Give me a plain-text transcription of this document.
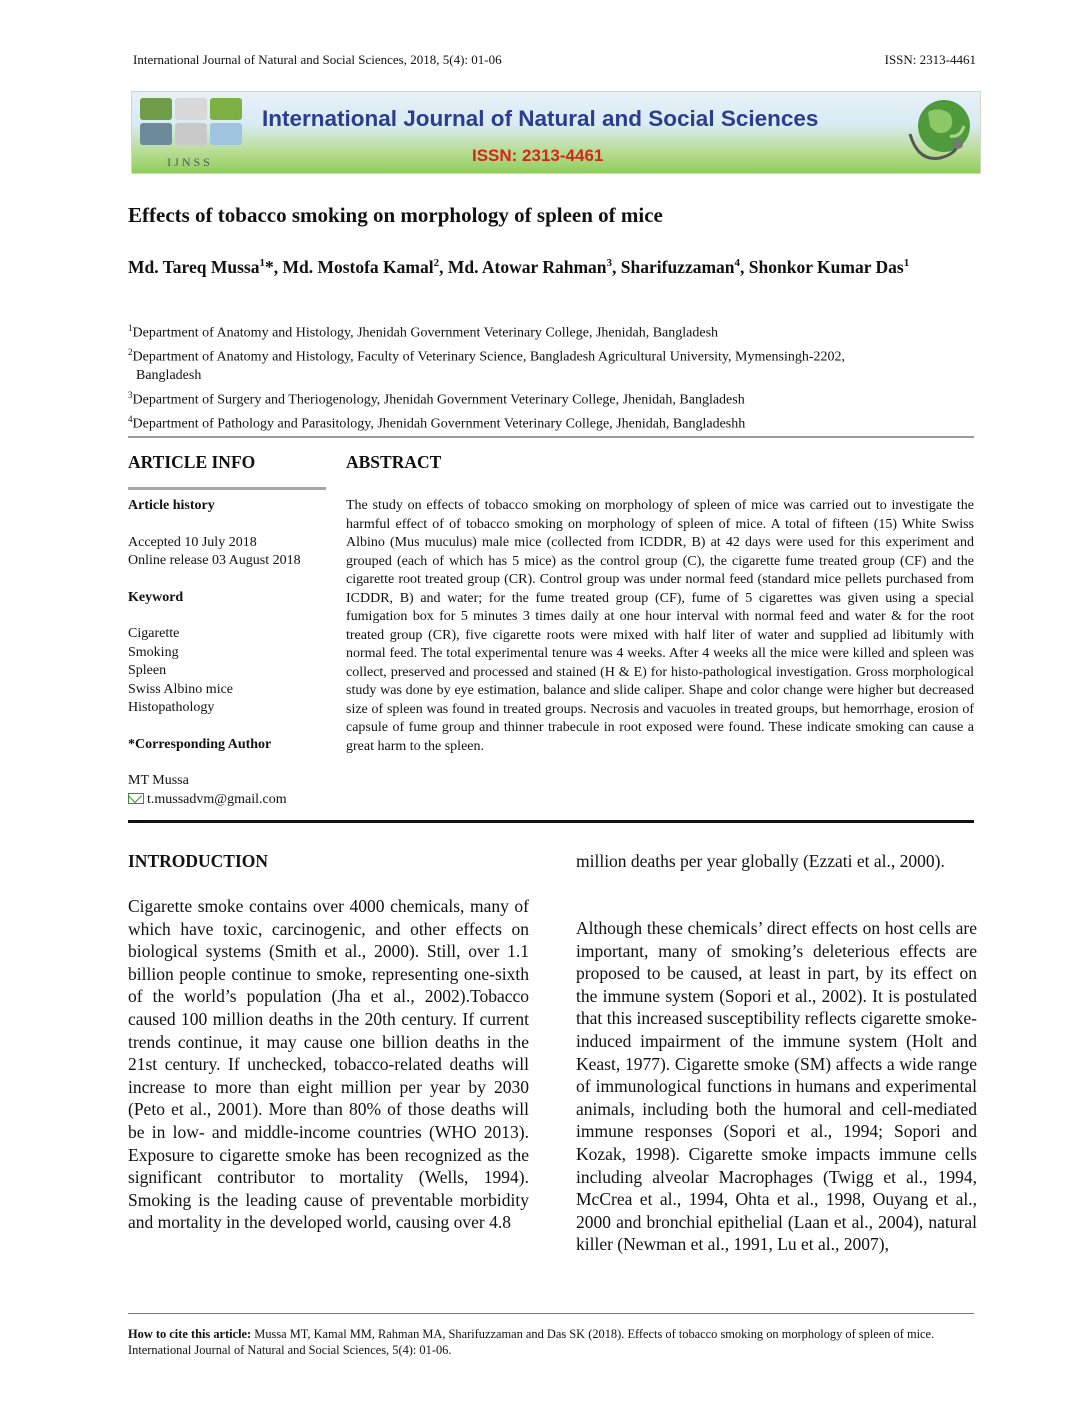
International Journal of Natural and Social Sciences, 2018, 5(4): 01-06	ISSN: 2313-4461
IJNSS
International Journal of Natural and Social Sciences
ISSN: 2313-4461
Effects of tobacco smoking on morphology of spleen of mice
Md. Tareq Mussa$^1$*, Md. Mostofa Kamal$^2$, Md. Atowar Rahman$^3$, Sharifuzzaman$^4$, Shonkor Kumar Das$^1$
$^1$Department of Anatomy and Histology, Jhenidah Government Veterinary College, Jhenidah, Bangladesh
$^2$Department of Anatomy and Histology, Faculty of Veterinary Science, Bangladesh Agricultural University, Mymensingh-2202,
Bangladesh
$^3$Department of Surgery and Theriogenology, Jhenidah Government Veterinary College, Jhenidah, Bangladesh
$^4$Department of Pathology and Parasitology, Jhenidah Government Veterinary College, Jhenidah, Bangladeshh
ARTICLE INFO	ABSTRACT
Article history
Accepted 10 July 2018
Online release 03 August 2018
Keyword
Cigarette
Smoking
Spleen
Swiss Albino mice
Histopathology
*Corresponding Author
MT Mussa
t.mussadvm@gmail.com
The study on effects of tobacco smoking on morphology of spleen of mice was carried out to investigate the harmful effect of of tobacco smoking on morphology of spleen of mice. A total of fifteen (15) White Swiss Albino (Mus muculus) male mice (collected from ICDDR, B) at 42 days were used for this experiment and grouped (each of which has 5 mice) as the control group (C), the cigarette fume treated group (CF) and the cigarette root treated group (CR). Control group was under normal feed (standard mice pellets purchased from ICDDR, B) and water; for the fume treated group (CF), fume of 5 cigarettes was given using a special fumigation box for 5 minutes 3 times daily at one hour interval with normal feed and water & for the root treated group (CR), five cigarette roots were mixed with half liter of water and supplied ad libitumly with normal feed. The total experimental tenure was 4 weeks. After 4 weeks all the mice were killed and spleen was collect, preserved and processed and stained (H & E) for histo-pathological investigation. Gross morphological study was done by eye estimation, balance and slide caliper. Shape and color change were higher but decreased size of spleen was found in treated groups. Necrosis and vacuoles in treated groups, but hemorrhage, erosion of capsule of fume group and thinner trabecule in root exposed were found. These indicate smoking can cause a great harm to the spleen.
INTRODUCTION
Cigarette smoke contains over 4000 chemicals, many of which have toxic, carcinogenic, and other effects on biological systems (Smith et al., 2000). Still, over 1.1 billion people continue to smoke, representing one-sixth of the world’s population (Jha et al., 2002).Tobacco caused 100 million deaths in the 20th century. If current trends continue, it may cause one billion deaths in the 21st century. If unchecked, tobacco-related deaths will increase to more than eight million per year by 2030 (Peto et al., 2001). More than 80% of those deaths will be in low- and middle-income countries (WHO 2013). Exposure to cigarette smoke has been recognized as the significant contributor to mortality (Wells, 1994). Smoking is the leading cause of preventable morbidity and mortality in the developed world, causing over 4.8
million deaths per year globally (Ezzati et al., 2000).
Although these chemicals’ direct effects on host cells are important, many of smoking’s deleterious effects are proposed to be caused, at least in part, by its effect on the immune system (Sopori et al., 2002). It is postulated that this increased susceptibility reflects cigarette smoke-induced impairment of the immune system (Holt and Keast, 1977). Cigarette smoke (SM) affects a wide range of immunological functions in humans and experimental animals, including both the humoral and cell-mediated immune responses (Sopori et al., 1994; Sopori and Kozak, 1998). Cigarette smoke impacts immune cells including alveolar Macrophages (Twigg et al., 1994, McCrea et al., 1994, Ohta et al., 1998, Ouyang et al., 2000 and bronchial epithelial (Laan et al., 2004), natural killer (Newman et al., 1991, Lu et al., 2007),
How to cite this article: Mussa MT, Kamal MM, Rahman MA, Sharifuzzaman and Das SK (2018). Effects of tobacco smoking on morphology of spleen of mice. International Journal of Natural and Social Sciences, 5(4): 01-06.
